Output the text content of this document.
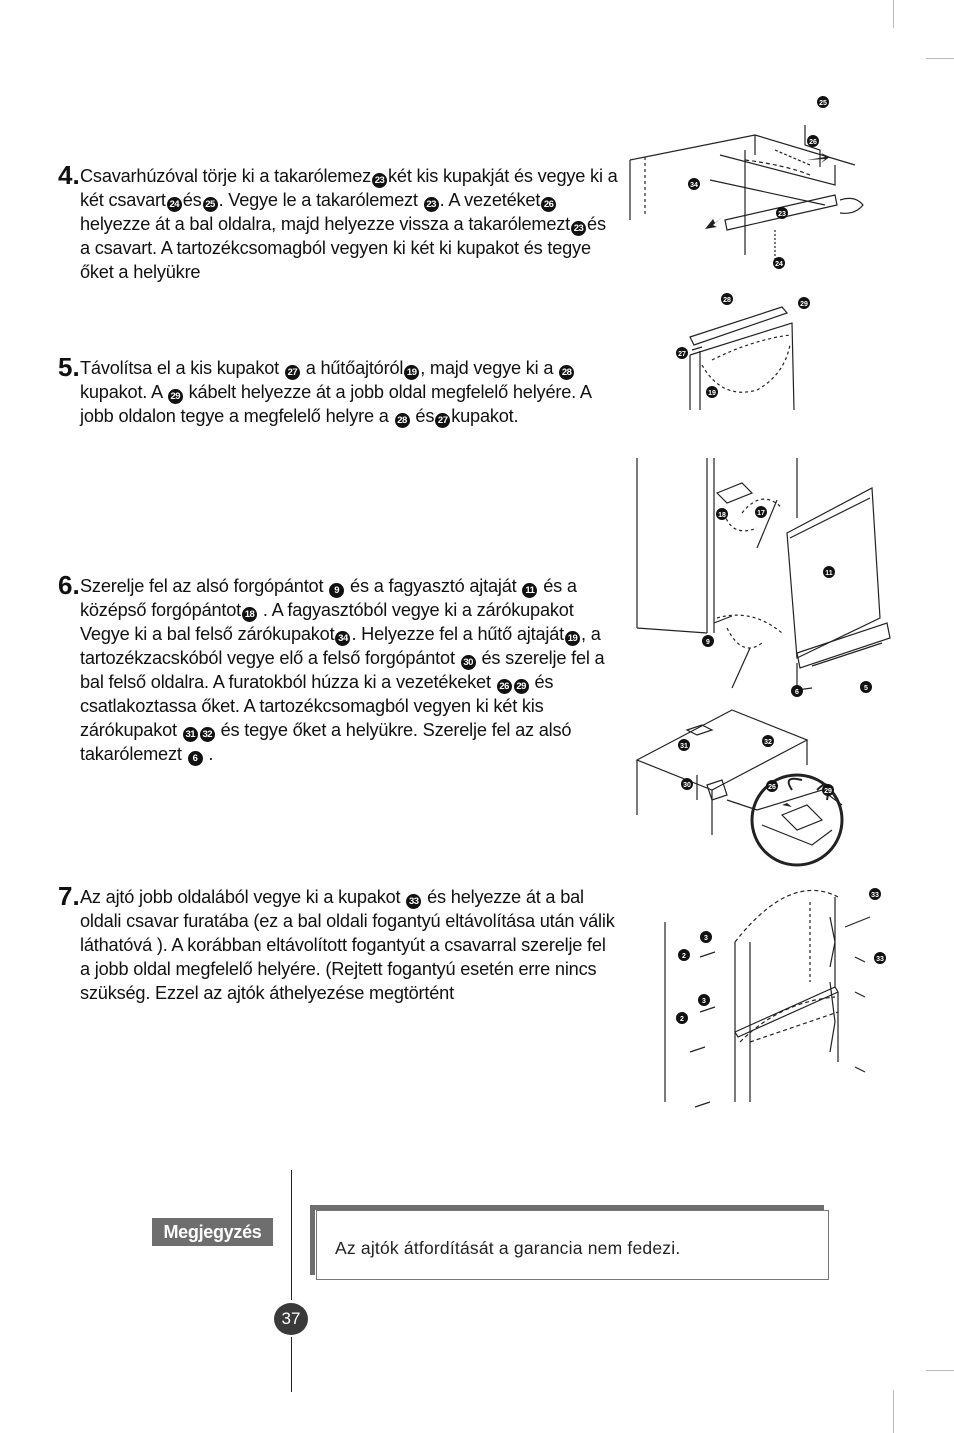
4. Csavarhúzóval törje ki a takarólemez 23 két kis kupakját és vegye ki a két csavart 24 és 25 . Vegye le a takarólemezt 23 . A vezetéket 26helyezze át a bal oldalra, majd helyezze vissza a takarólemezt 23 és a csavart. A tartozékcsomagból vegyen ki két ki kupakot és tegye őket a helyükre
5. Távolítsa el a kis kupakot 27 a hűtőajtóról 19 , majd vegye ki a 28 kupakot. A 29 kábelt helyezze át a jobb oldal megfelelő helyére. A jobb oldalon tegye a megfelelő helyre a 28 és 27 kupakot.
6. Szerelje fel az alsó forgópántot 9 és a fagyasztó ajtaját 11 és a középső forgópántot 18 . A fagyasztóból vegye ki a zárókupakot Vegye ki a bal felső zárókupakot 34 . Helyezze fel a hűtő ajtaját 19 , a tartozékzacskóból vegye elő a felső forgópántot 30 és szerelje fel a bal felső oldalra. A furatokból húzza ki a vezetékeket 26 29 és csatlakoztassa őket. A tartozékcsomagból vegyen ki két kis zárókupakot 31 32 és tegye őket a helyükre. Szerelje fel az alsó takarólemezt 6 .
7. Az ajtó jobb oldalából vegye ki a kupakot 33 és helyezze át a bal oldali csavar furatába (ez a bal oldali fogantyú eltávolítása után válik láthatóvá ). A korábban eltávolított fogantyút a csavarral szerelje fel a jobb oldal megfelelő helyére. (Rejtett fogantyú esetén erre nincs szükség. Ezzel az ajtók áthelyezése megtörtént
25
26
34
23
24
28
29
27
19
18	17
11
9
6
5
31
32
30	26
29
33
3
2
3
2
33
Megjegyzés
Az ajtók átfordítását a garancia nem fedezi.
37
